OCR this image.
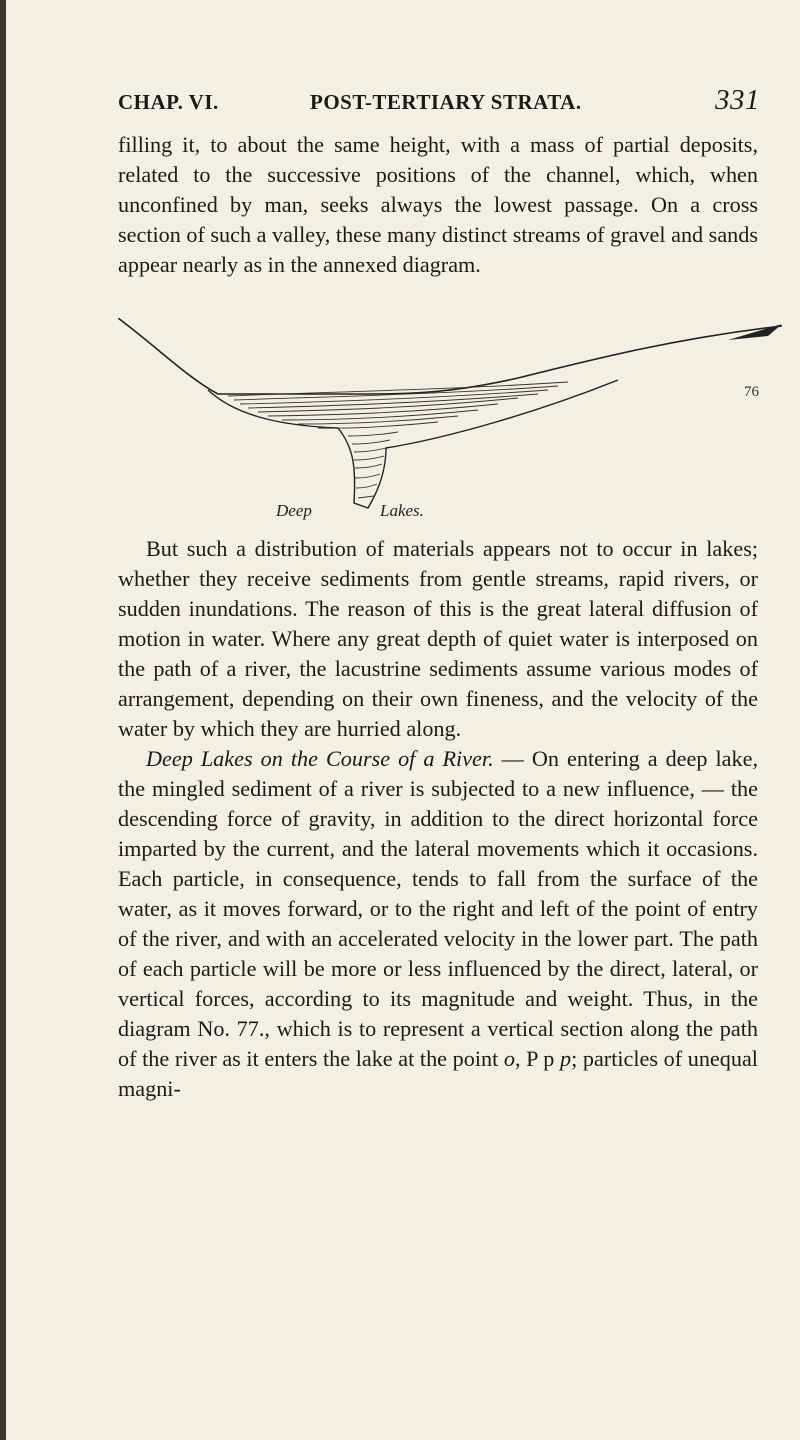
CHAP. VI.	POST-TERTIARY STRATA.	331

filling it, to about the same height, with a mass of partial deposits, related to the successive positions of the channel, which, when unconfined by man, seeks always the lowest passage. On a cross section of such a valley, these many distinct streams of gravel and sands appear nearly as in the annexed diagram.

76
Deep	Lakes.

But such a distribution of materials appears not to occur in lakes; whether they receive sediments from gentle streams, rapid rivers, or sudden inundations. The reason of this is the great lateral diffusion of motion in water. Where any great depth of quiet water is interposed on the path of a river, the lacustrine sediments assume various modes of arrangement, depending on their own fineness, and the velocity of the water by which they are hurried along.

Deep Lakes on the Course of a River. — On entering a deep lake, the mingled sediment of a river is subjected to a new influence, — the descending force of gravity, in addition to the direct horizontal force imparted by the current, and the lateral movements which it occasions. Each particle, in consequence, tends to fall from the surface of the water, as it moves forward, or to the right and left of the point of entry of the river, and with an accelerated velocity in the lower part. The path of each particle will be more or less influenced by the direct, lateral, or vertical forces, according to its magnitude and weight. Thus, in the diagram No. 77., which is to represent a vertical section along the path of the river as it enters the lake at the point o, P p p; particles of unequal magni-
